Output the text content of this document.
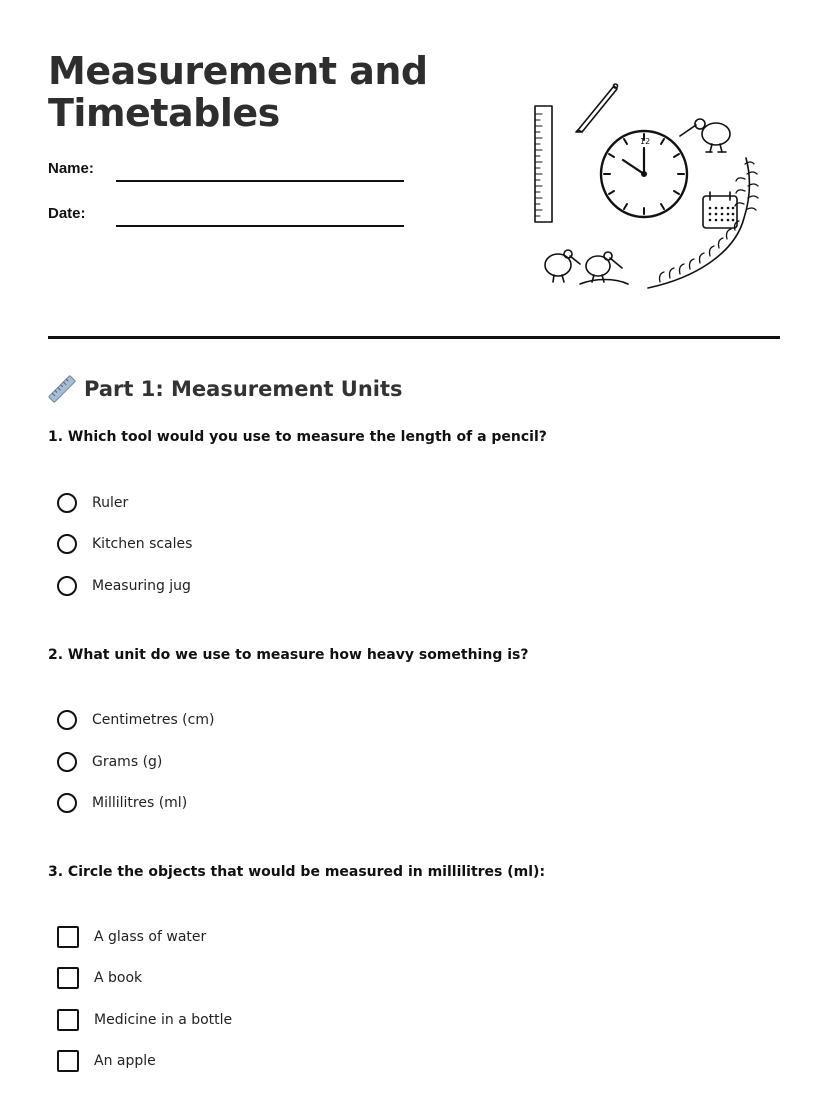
Measurement and
Timetables
Name:
Date:
12
Part 1: Measurement Units
1. Which tool would you use to measure the length of a pencil?
Ruler
Kitchen scales
Measuring jug
2. What unit do we use to measure how heavy something is?
Centimetres (cm)
Grams (g)
Millilitres (ml)
3. Circle the objects that would be measured in millilitres (ml):
A glass of water
A book
Medicine in a bottle
An apple
